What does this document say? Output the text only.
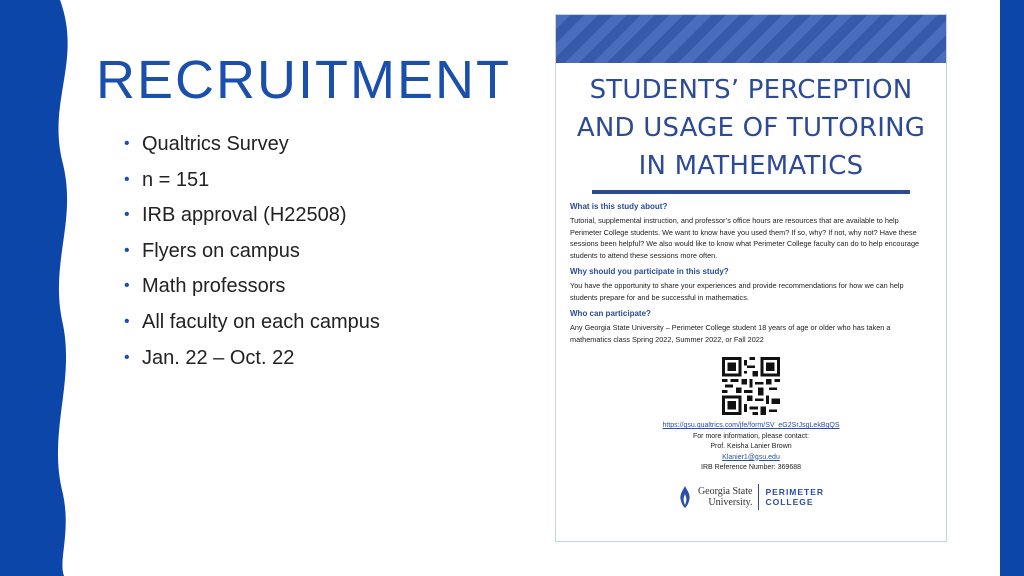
RECRUITMENT
• Qualtrics Survey
• n = 151
• IRB approval (H22508)
• Flyers on campus
• Math professors
• All faculty on each campus
• Jan. 22 – Oct. 22
STUDENTS’ PERCEPTION
AND USAGE OF TUTORING
IN MATHEMATICS
What is this study about?
Tutorial, supplemental instruction, and professor’s office hours are resources that are available to help Perimeter College students. We want to know have you used them? If so, why? If not, why not? Have these sessions been helpful? We also would like to know what Perimeter College faculty can do to help encourage students to attend these sessions more often.
Why should you participate in this study?
You have the opportunity to share your experiences and provide recommendations for how we can help students prepare for and be successful in mathematics.
Who can participate?
Any Georgia State University – Perimeter College student 18 years of age or older who has taken a mathematics class Spring 2022, Summer 2022, or Fall 2022
https://gsu.qualtrics.com/jfe/form/SV_eG2SrJsgLekBgQS
For more information, please contact:
Prof. Keisha Lanier Brown
Klanier1@gsu.edu
IRB Reference Number: 369688
Georgia State
University.
PERIMETER
COLLEGE
